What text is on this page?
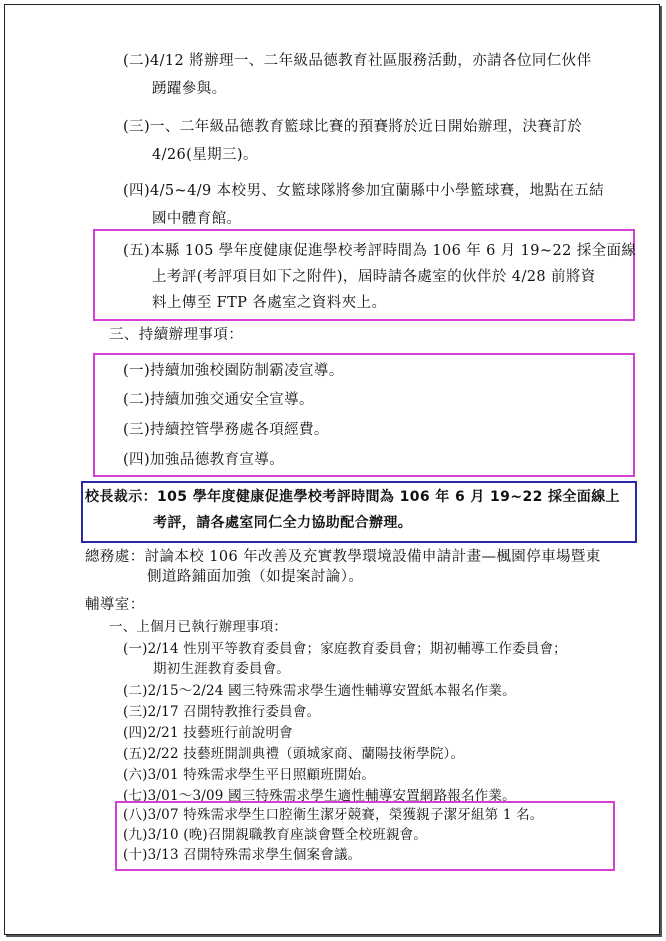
(二)4/12 將辦理一、二年級品德教育社區服務活動，亦請各位同仁伙伴
踴躍參與。
(三)一、二年級品德教育籃球比賽的預賽將於近日開始辦理，決賽訂於
4/26(星期三)。
(四)4/5~4/9 本校男、女籃球隊將參加宜蘭縣中小學籃球賽，地點在五結
國中體育館。
(五)本縣 105 學年度健康促進學校考評時間為 106 年 6 月 19~22 採全面線
上考評(考評項目如下之附件)，屆時請各處室的伙伴於 4/28 前將資
料上傳至 FTP 各處室之資料夾上。
三、持續辦理事項：
(一)持續加強校園防制霸凌宣導。
(二)持續加強交通安全宣導。
(三)持續控管學務處各項經費。
(四)加強品德教育宣導。
校長裁示：105 學年度健康促進學校考評時間為 106 年 6 月 19~22 採全面線上
考評，請各處室同仁全力協助配合辦理。
總務處：討論本校 106 年改善及充實教學環境設備申請計畫—楓園停車場暨東
側道路鋪面加強（如提案討論）。
輔導室：
一、上個月已執行辦理事項：
(一)2/14 性別平等教育委員會；家庭教育委員會；期初輔導工作委員會；
期初生涯教育委員會。
(二)2/15～2/24 國三特殊需求學生適性輔導安置紙本報名作業。
(三)2/17 召開特教推行委員會。
(四)2/21 技藝班行前說明會
(五)2/22 技藝班開訓典禮（頭城家商、蘭陽技術學院）。
(六)3/01 特殊需求學生平日照顧班開始。
(七)3/01～3/09 國三特殊需求學生適性輔導安置網路報名作業。
(八)3/07 特殊需求學生口腔衛生潔牙競賽，榮獲親子潔牙組第 1 名。
(九)3/10 (晚)召開親職教育座談會暨全校班親會。
(十)3/13 召開特殊需求學生個案會議。
